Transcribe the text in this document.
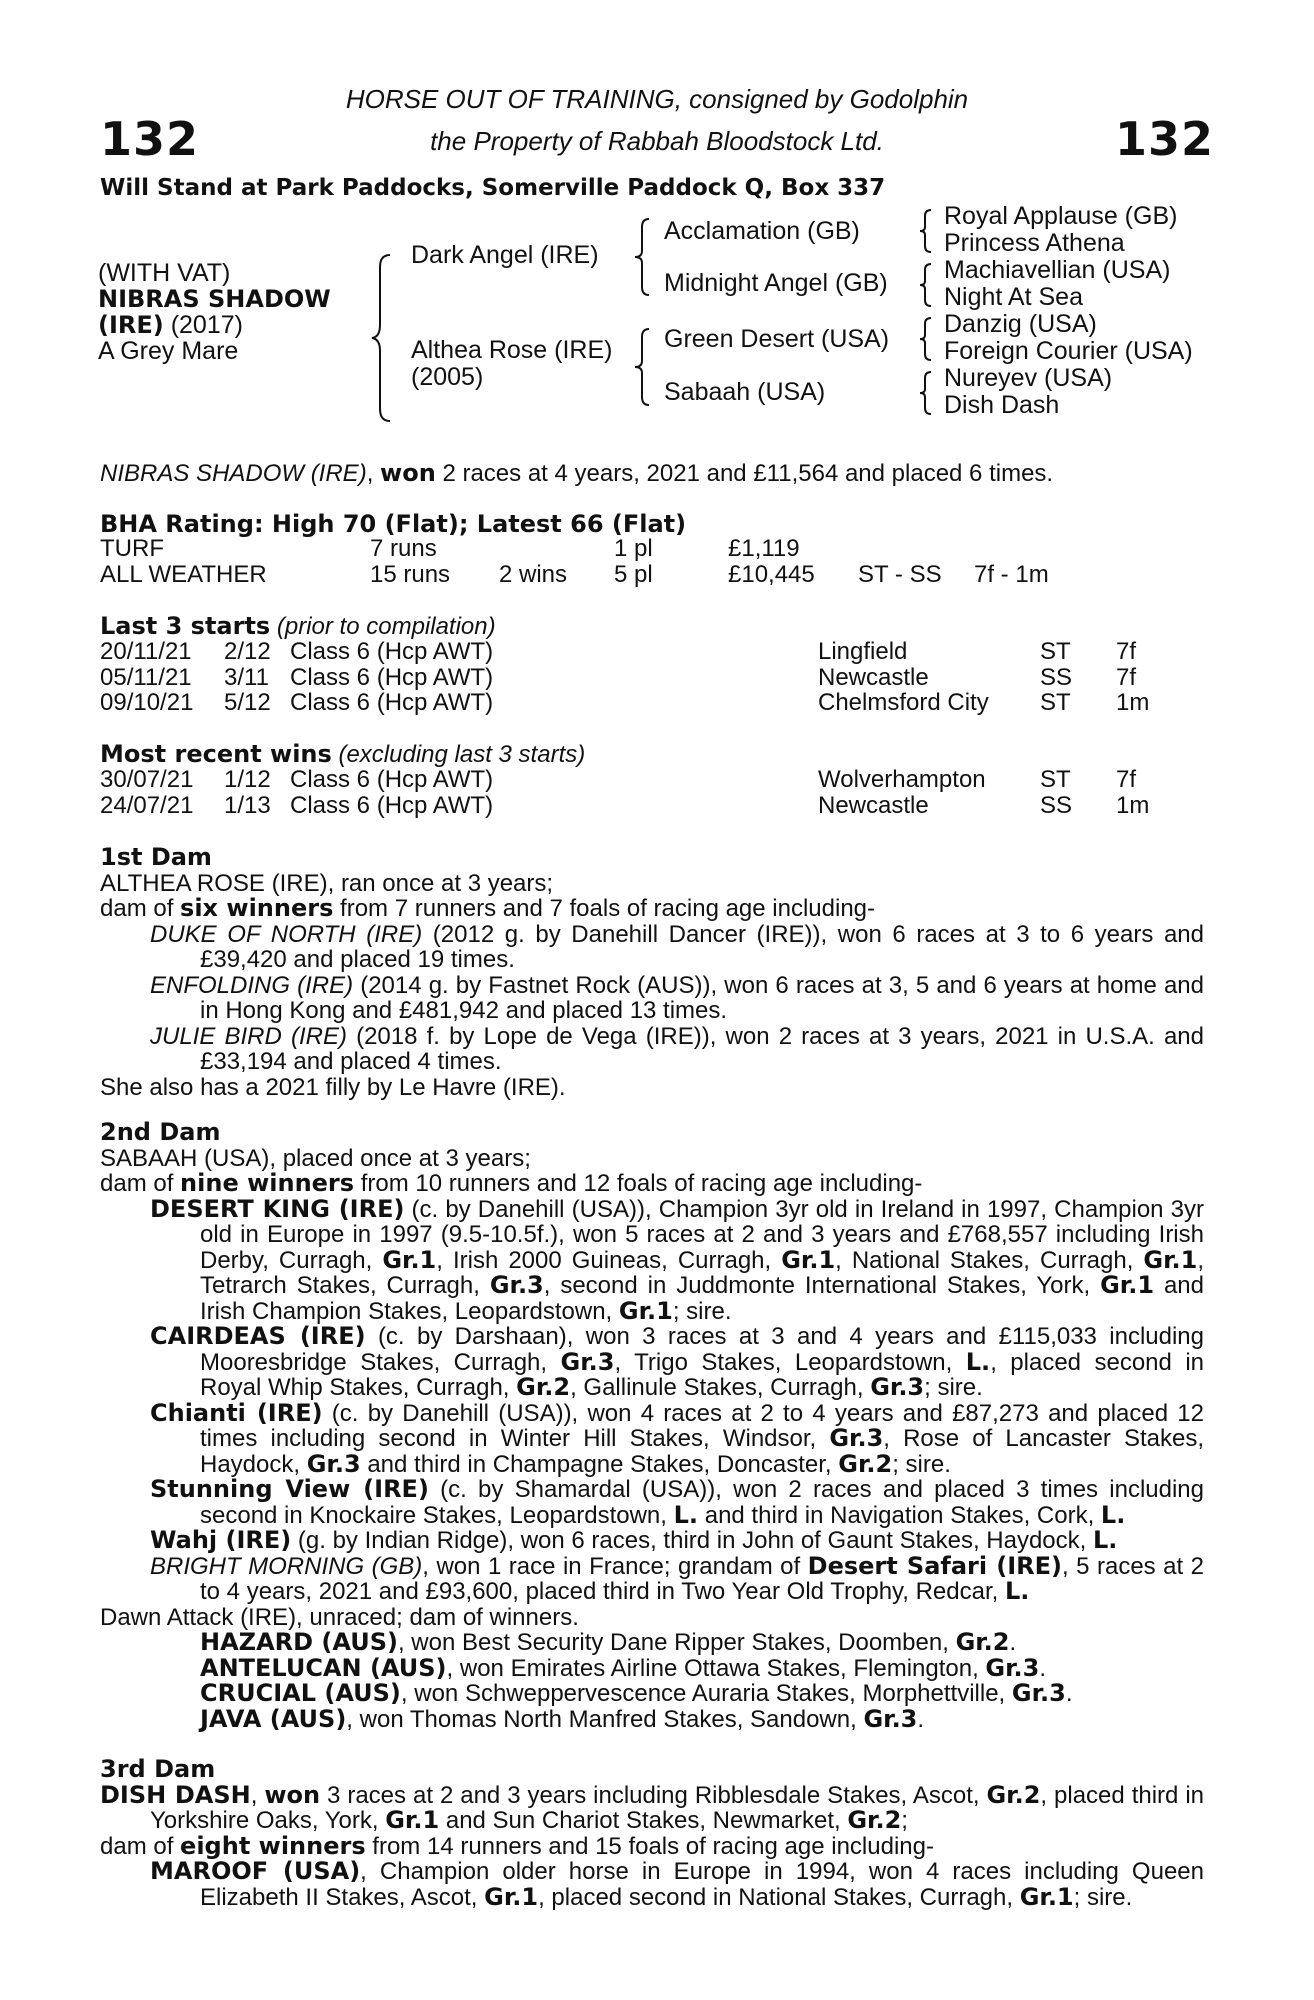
132	132
HORSE OUT OF TRAINING, consigned by Godolphin
the Property of Rabbah Bloodstock Ltd.
Will Stand at Park Paddocks, Somerville Paddock Q, Box 337
(WITH VAT)
NIBRAS SHADOW
(IRE) (2017)
A Grey Mare
Dark Angel (IRE)
Althea Rose (IRE)
(2005)
Acclamation (GB)
Midnight Angel (GB)
Green Desert (USA)
Sabaah (USA)
Royal Applause (GB)
Princess Athena
Machiavellian (USA)
Night At Sea
Danzig (USA)
Foreign Courier (USA)
Nureyev (USA)
Dish Dash
NIBRAS SHADOW (IRE), won 2 races at 4 years, 2021 and £11,564 and placed 6 times.
BHA Rating: High 70 (Flat); Latest 66 (Flat)
TURF	7 runs	1 pl	£1,119
ALL WEATHER	15 runs 2 wins 5 pl	£10,445 ST - SS 7f - 1m
Last 3 starts (prior to compilation)
20/11/21 2/12 Class 6 (Hcp AWT)	Lingfield	ST 7f
05/11/21 3/11 Class 6 (Hcp AWT)	Newcastle	SS 7f
09/10/21 5/12 Class 6 (Hcp AWT)	Chelmsford City ST 1m
Most recent wins (excluding last 3 starts)
30/07/21 1/12 Class 6 (Hcp AWT)	Wolverhampton ST 7f
24/07/21 1/13 Class 6 (Hcp AWT)	Newcastle	SS 1m

1st Dam

ALTHEA ROSE (IRE), ran once at 3 years;

dam of six winners from 7 runners and 7 foals of racing age including-

DUKE OF NORTH (IRE) (2012 g. by Danehill Dancer (IRE)), won 6 races at 3 to 6 years and £39,420 and placed 19 times.

ENFOLDING (IRE) (2014 g. by Fastnet Rock (AUS)), won 6 races at 3, 5 and 6 years at home and in Hong Kong and £481,942 and placed 13 times.

JULIE BIRD (IRE) (2018 f. by Lope de Vega (IRE)), won 2 races at 3 years, 2021 in U.S.A. and £33,194 and placed 4 times.

She also has a 2021 filly by Le Havre (IRE).

2nd Dam

SABAAH (USA), placed once at 3 years;

dam of nine winners from 10 runners and 12 foals of racing age including-

DESERT KING (IRE) (c. by Danehill (USA)), Champion 3yr old in Ireland in 1997, Champion 3yr old in Europe in 1997 (9.5-10.5f.), won 5 races at 2 and 3 years and £768,557 including Irish Derby, Curragh, Gr.1, Irish 2000 Guineas, Curragh, Gr.1, National Stakes, Curragh, Gr.1, Tetrarch Stakes, Curragh, Gr.3, second in Juddmonte International Stakes, York, Gr.1 and Irish Champion Stakes, Leopardstown, Gr.1; sire.

CAIRDEAS (IRE) (c. by Darshaan), won 3 races at 3 and 4 years and £115,033 including Mooresbridge Stakes, Curragh, Gr.3, Trigo Stakes, Leopardstown, L., placed second in Royal Whip Stakes, Curragh, Gr.2, Gallinule Stakes, Curragh, Gr.3; sire.

Chianti (IRE) (c. by Danehill (USA)), won 4 races at 2 to 4 years and £87,273 and placed 12 times including second in Winter Hill Stakes, Windsor, Gr.3, Rose of Lancaster Stakes, Haydock, Gr.3 and third in Champagne Stakes, Doncaster, Gr.2; sire.

Stunning View (IRE) (c. by Shamardal (USA)), won 2 races and placed 3 times including second in Knockaire Stakes, Leopardstown, L. and third in Navigation Stakes, Cork, L.

Wahj (IRE) (g. by Indian Ridge), won 6 races, third in John of Gaunt Stakes, Haydock, L.

BRIGHT MORNING (GB), won 1 race in France; grandam of Desert Safari (IRE), 5 races at 2 to 4 years, 2021 and £93,600, placed third in Two Year Old Trophy, Redcar, L.

Dawn Attack (IRE), unraced; dam of winners.

HAZARD (AUS), won Best Security Dane Ripper Stakes, Doomben, Gr.2.

ANTELUCAN (AUS), won Emirates Airline Ottawa Stakes, Flemington, Gr.3.

CRUCIAL (AUS), won Schweppervescence Auraria Stakes, Morphettville, Gr.3.

JAVA (AUS), won Thomas North Manfred Stakes, Sandown, Gr.3.

3rd Dam

DISH DASH, won 3 races at 2 and 3 years including Ribblesdale Stakes, Ascot, Gr.2, placed third in Yorkshire Oaks, York, Gr.1 and Sun Chariot Stakes, Newmarket, Gr.2;

dam of eight winners from 14 runners and 15 foals of racing age including-

MAROOF (USA), Champion older horse in Europe in 1994, won 4 races including Queen Elizabeth II Stakes, Ascot, Gr.1, placed second in National Stakes, Curragh, Gr.1; sire.
